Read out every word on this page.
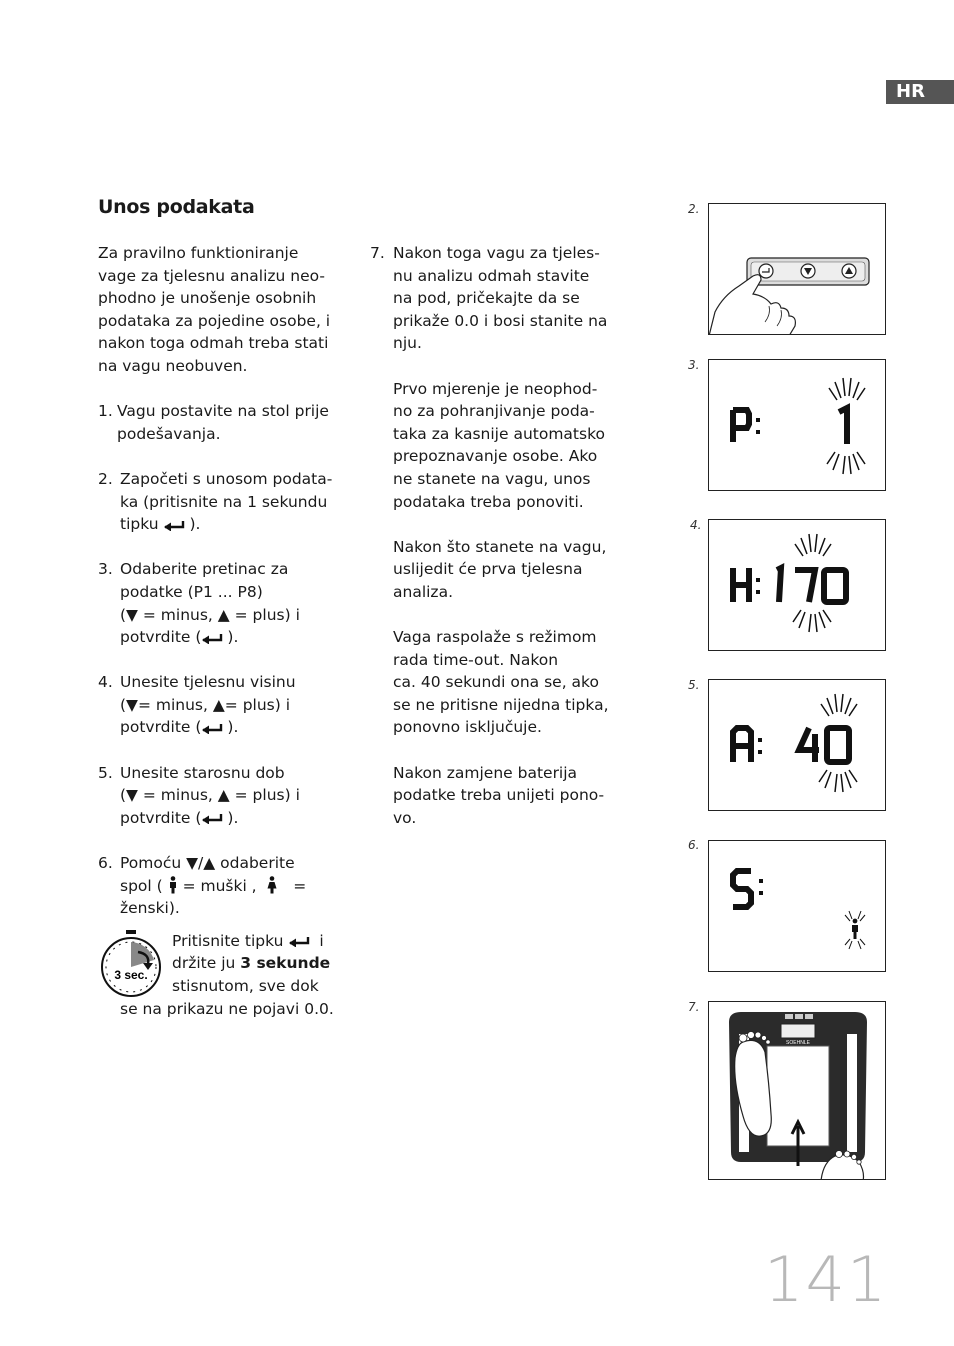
HR
Unos podakata

Za pravilno funktioniranje

vage za tjelesnu analizu neo-

phodno je unošenje osobnih

podataka za pojedine osobe, i

nakon toga odmah treba stati

na vagu neobuven.

1. Vagu postavite na stol prije

podešavanja.

2. Započeti s unosom podata-

ka (pritisnite na 1 sekundu

tipku ).

3. Odaberite pretinac za

podatke (P1 ... P8)

(▼ = minus, ▲ = plus) i

potvrdite ( ).

4. Unesite tjelesnu visinu

(▼= minus, ▲= plus) i

potvrdite ( ).

5. Unesite starosnu dob

(▼ = minus, ▲ = plus) i

potvrdite ( ).

6. Pomoću ▼/▲ odaberite

spol ( = muški , =

ženski).

3 sec.

Pritisnite tipku i

držite ju 3 sekunde

stisnutom, sve dok

se na prikazu ne pojavi 0.0.

7. Nakon toga vagu za tjeles-

nu analizu odmah stavite

na pod, pričekajte da se

prikaže 0.0 i bosi stanite na

nju.

Prvo mjerenje je neophod-

no za pohranjivanje poda-

taka za kasnije automatsko

prepoznavanje osobe. Ako

ne stanete na vagu, unos

podataka treba ponoviti.

Nakon što stanete na vagu,

uslijedit će prva tjelesna

analiza.

Vaga raspolaže s režimom

rada time-out. Nakon

ca. 40 sekundi ona se, ako

se ne pritisne nijedna tipka,

ponovno isključuje.

Nakon zamjene baterija

podatke treba unijeti pono-

vo.

2.
3.
4.
5.
6.
7.
SOEHNLE
141
